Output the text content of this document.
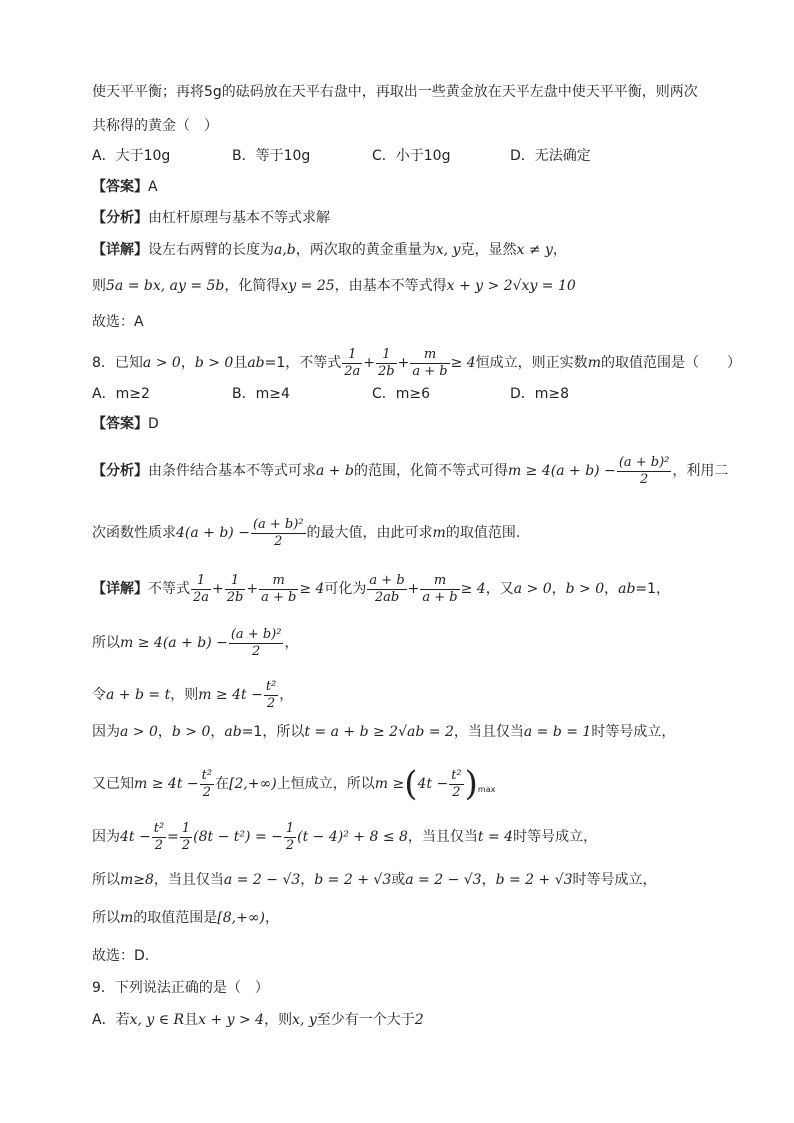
使天平平衡；再将5g的砝码放在天平右盘中，再取出一些黄金放在天平左盘中使天平平衡，则两次
共称得的黄金（　）
A．大于10g	B．等于10g	C．小于10g	D．无法确定
【答案】A
【分析】由杠杆原理与基本不等式求解
【详解】设左右两臂的长度为a,b，两次取的黄金重量为x, y克，显然x ≠ y，
则5a = bx, ay = 5b，化简得xy = 25，由基本不等式得x + y > 2√xy = 10
故选：A
8．已知a > 0，b > 0且ab=1，不等式 $\frac{1}{2a} + \frac{1}{2b} + \frac{m}{a + b} \ge 4$恒成立，则正实数m的取值范围是（　　）
A．m≥2	B．m≥4	C．m≥6	D．m≥8
【答案】D
【分析】由条件结合基本不等式可求a + b的范围，化简不等式可得$m \ge 4(a + b) - \frac{\text{(a + b)²}}{2}$ ，利用二
次函数性质求$4(a + b) - \frac{\text{(a + b)²}}{2}$ 的最大值，由此可求m的取值范围.
【详解】不等式 $\frac{1}{2a} + \frac{1}{2b} + \frac{m}{a + b} \ge 4$可化为 $\frac{a + b}{2ab} + \frac{m}{a + b} \ge 4$，又a > 0，b > 0，ab=1，
所以$m \ge 4(a + b) - \frac{\text{(a + b)²}}{2}$ ，
令a + b = t，则$m \ge 4t - \frac{\text{t²}}{2}$ ，
因为a > 0，b > 0，ab=1，所以t = a + b ≥ 2√ab = 2，当且仅当a = b = 1时等号成立，
又已知$m \ge 4t - \frac{\text{t²}}{2}$ 在[2,+∞)上恒成立，所以$m \ge(4t - \frac{\text{t²}}{2} )_{max}$
因为$4t - \frac{\text{t²}}{2} = \frac{1}{2} (8t - t^2)$ = − $\frac{1}{2} (t - 4)^2 + 8 \le 8$，当且仅当t = 4时等号成立，
所以m≥8，当且仅当a = 2 − √3，b = 2 + √3或a = 2 − √3，b = 2 + √3时等号成立，
所以m的取值范围是[8,+∞)，
故选：D.
9．下列说法正确的是（　）
A．若x, y ∈ R且x + y > 4，则x, y至少有一个大于2
